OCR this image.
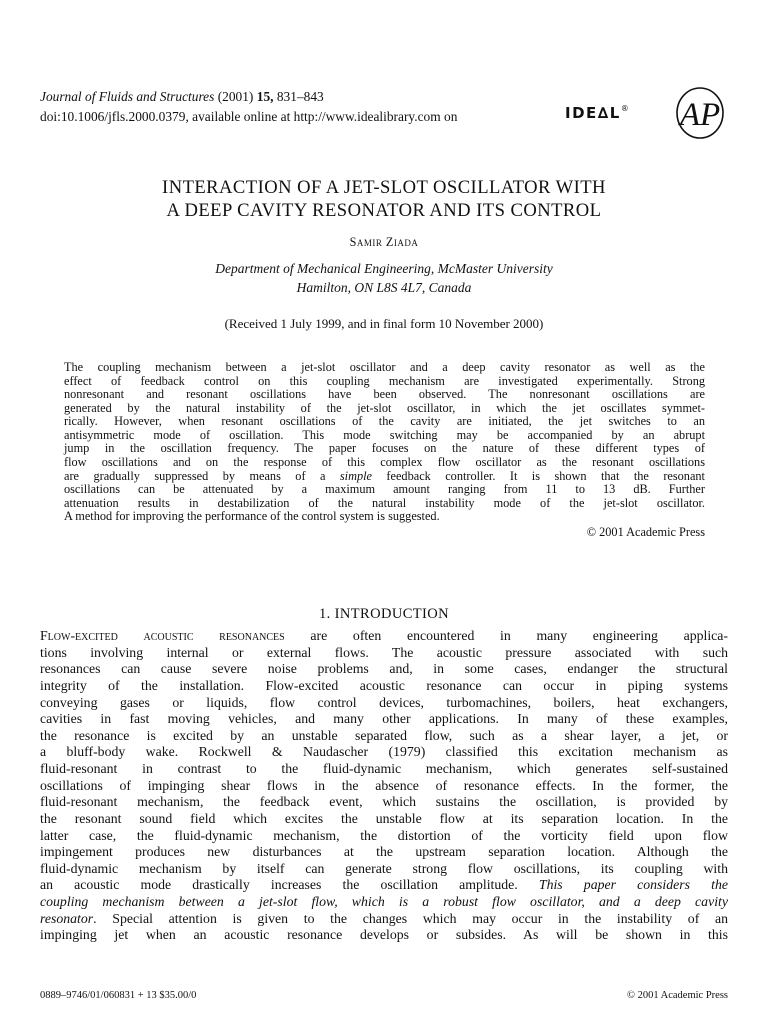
Journal of Fluids and Structures (2001) 15, 831–843
doi:10.1006/jfls.2000.0379, available online at http://www.idealibrary.com on	IDE∆L® AP
INTERACTION OF A JET-SLOT OSCILLATOR WITH
A DEEP CAVITY RESONATOR AND ITS CONTROL
Samir Ziada
Department of Mechanical Engineering, McMaster University
Hamilton, ON L8S 4L7, Canada
(Received 1 July 1999, and in final form 10 November 2000)
The coupling mechanism between a jet-slot oscillator and a deep cavity resonator as well as the
effect of feedback control on this coupling mechanism are investigated experimentally. Strong
nonresonant and resonant oscillations have been observed. The nonresonant oscillations are
generated by the natural instability of the jet-slot oscillator, in which the jet oscillates symmet-
rically. However, when resonant oscillations of the cavity are initiated, the jet switches to an
antisymmetric mode of oscillation. This mode switching may be accompanied by an abrupt
jump in the oscillation frequency. The paper focuses on the nature of these different types of
flow oscillations and on the response of this complex flow oscillator as the resonant oscillations
are gradually suppressed by means of a simple feedback controller. It is shown that the resonant
oscillations can be attenuated by a maximum amount ranging from 11 to 13 dB. Further
attenuation results in destabilization of the natural instability mode of the jet-slot oscillator.
A method for improving the performance of the control system is suggested.
© 2001 Academic Press
1. INTRODUCTION
Flow-excited acoustic resonances are often encountered in many engineering applica-
tions involving internal or external flows. The acoustic pressure associated with such
resonances can cause severe noise problems and, in some cases, endanger the structural
integrity of the installation. Flow-excited acoustic resonance can occur in piping systems
conveying gases or liquids, flow control devices, turbomachines, boilers, heat exchangers,
cavities in fast moving vehicles, and many other applications. In many of these examples,
the resonance is excited by an unstable separated flow, such as a shear layer, a jet, or
a bluff-body wake. Rockwell & Naudascher (1979) classified this excitation mechanism as
fluid-resonant in contrast to the fluid-dynamic mechanism, which generates self-sustained
oscillations of impinging shear flows in the absence of resonance effects. In the former, the
fluid-resonant mechanism, the feedback event, which sustains the oscillation, is provided by
the resonant sound field which excites the unstable flow at its separation location. In the
latter case, the fluid-dynamic mechanism, the distortion of the vorticity field upon flow
impingement produces new disturbances at the upstream separation location. Although the
fluid-dynamic mechanism by itself can generate strong flow oscillations, its coupling with
an acoustic mode drastically increases the oscillation amplitude. This paper considers the
coupling mechanism between a jet-slot flow, which is a robust flow oscillator, and a deep cavity
resonator. Special attention is given to the changes which may occur in the instability of an
impinging jet when an acoustic resonance develops or subsides. As will be shown in this
0889–9746/01/060831 + 13 $35.00/0	© 2001 Academic Press
